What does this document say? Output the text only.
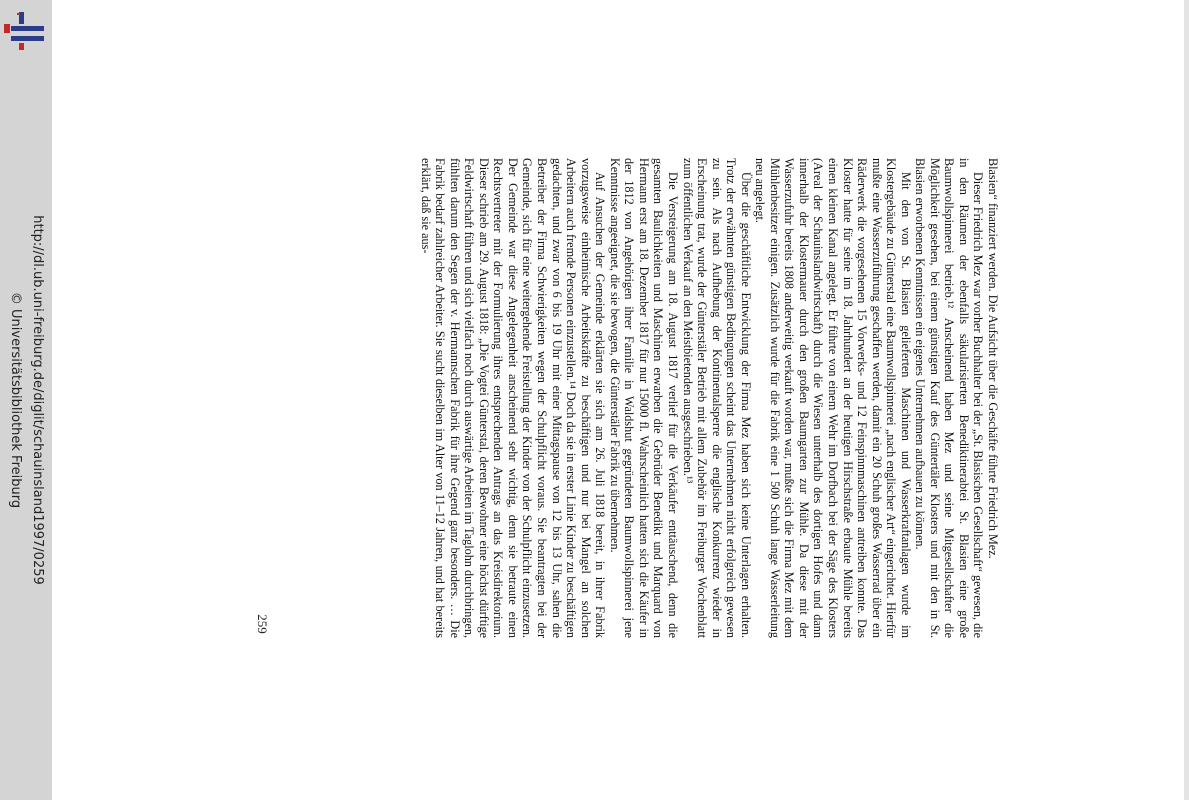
http://dl.ub.uni-freiburg.de/diglit/schauinsland1997/0259
© Universitätsbibliothek Freiburg	Blasien“ finanziert werden. Die Aufsicht über die Geschäfte führte Friedrich Mez.

Dieser Friedrich Mez war vorher Buchhalter bei der „St. Blasischen Gesellschaft“ gewesen, die in den Räumen der ebenfalls säkularisierten Benediktinerabtei St. Blasien eine große Baumwollspinnerei betrieb.¹² Anscheinend haben Mez und seine Mitgesellschafter die Möglichkeit gesehen, bei einem günstigen Kauf des Güntertäler Klosters und mit den in St. Blasien erworbenen Kenntnissen ein eigenes Unternehmen aufbauen zu können.

Mit den von St. Blasien gelieferten Maschinen und Wasserkraftanlagen wurde im Klostergebäude zu Günterstal eine Baumwollspinnerei „nach englischer Art“ eingerichtet. Hierfür mußte eine Wasserzuführung geschaffen werden, damit ein 20 Schuh großes Wasserrad über ein Räderwerk die vorgesehenen 15 Vorwerks- und 12 Feinspinnmaschinen antreiben konnte. Das Kloster hatte für seine im 18. Jahrhundert an der heutigen Hirschstraße erbaute Mühle bereits einen kleinen Kanal angelegt. Er führte von einem Wehr im Dorfbach bei der Säge des Klosters (Areal der Schauinslandwirtschaft) durch die Wiesen unterhalb des dortigen Hofes und dann innerhalb der Klostermauer durch den großen Baumgarten zur Mühle. Da diese mit der Wasserzufuhr bereits 1808 anderweitig verkauft worden war, mußte sich die Firma Mez mit dem Mühlenbesitzer einigen. Zusätzlich wurde für die Fabrik eine 1 500 Schuh lange Wasserleitung neu angelegt.

Über die geschäftliche Entwicklung der Firma Mez haben sich keine Unterlagen erhalten. Trotz der erwähnten günstigen Bedingungen scheint das Unternehmen nicht erfolgreich gewesen zu sein. Als nach Aufhebung der Kontinentalsperre die englische Konkurrenz wieder in Erscheinung trat, wurde der Günterstäler Betrieb mit allem Zubehör im Freiburger Wochenblatt zum öffentlichen Verkauf an den Meistbietenden ausgeschrieben.¹³

Die Versteigerung am 18. August 1817 verlief für die Verkäufer enttäuschend, denn die gesamten Baulichkeiten und Maschinen erwarben die Gebrüder Benedikt und Marquard von Hermann erst am 18. Dezember 1817 für nur 15000 fl. Wahrscheinlich hatten sich die Käufer in der 1812 von Angehörigen ihrer Familie in Waldshut gegründeten Baumwollspinnerei jene Kenntnisse angeeignet, die sie bewogen, die Günterstäler Fabrik zu übernehmen.

Auf Ansuchen der Gemeinde erklärten sie sich am 26. Juli 1818 bereit, in ihrer Fabrik vorzugsweise einheimische Arbeitskräfte zu beschäftigen und nur bei Mangel an solchen Arbeitern auch fremde Personen einzustellen.¹⁴ Doch da sie in erster Linie Kinder zu beschäftigen gedachten, und zwar von 6 bis 19 Uhr mit einer Mittagspause von 12 bis 13 Uhr, sahen die Betreiber der Firma Schwierigkeiten wegen der Schulpflicht voraus. Sie beantragten bei der Gemeinde, sich für eine weitergehende Freistellung der Kinder von der Schulpflicht einzusetzen. Der Gemeinde war diese Angelegenheit anscheinend sehr wichtig, denn sie betraute einen Rechtsvertreter mit der Formulierung ihres entsprechenden Antrags an das Kreisdirektorium. Dieser schrieb am 29. August 1818: „Die Vogtei Günterstal, deren Bewohner eine höchst dürftige Feldwirtschaft führen und sich vielfach noch durch auswärtige Arbeiten im Taglohn durchbringen, fühlten darum den Segen der v. Hermannschen Fabrik für ihre Gegend ganz besonders. … Die Fabrik bedarf zahlreicher Arbeiter. Sie sucht dieselben im Alter von 11–12 Jahren, und hat bereits erklärt, daß sie aus-

259
